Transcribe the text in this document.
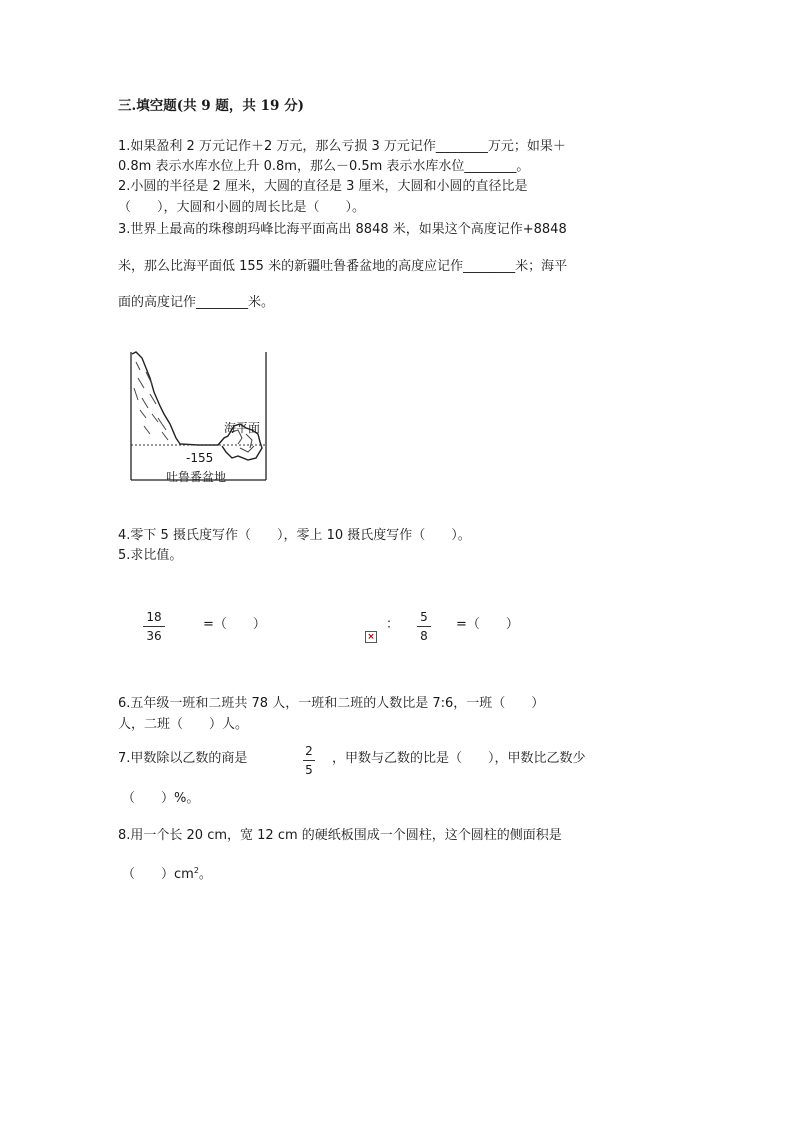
三.填空题(共 9 题，共 19 分)
1.如果盈利 2 万元记作＋2 万元，那么亏损 3 万元记作________万元；如果＋
0.8m 表示水库水位上升 0.8m，那么－0.5m 表示水库水位________。
2.小圆的半径是 2 厘米，大圆的直径是 3 厘米，大圆和小圆的直径比是
（　　），大圆和小圆的周长比是（　　）。
3.世界上最高的珠穆朗玛峰比海平面高出 8848 米，如果这个高度记作+8848
米，那么比海平面低 155 米的新疆吐鲁番盆地的高度应记作________米；海平
面的高度记作________米。
海平面
-155
吐鲁番盆地
4.零下 5 摄氏度写作（　　），零上 10 摄氏度写作（　　）。
5.求比值。
18
36
=（　　）
×
： 5
8
=（　　）
6.五年级一班和二班共 78 人，一班和二班的人数比是 7:6，一班（　　）
人，二班（　　）人。
7.甲数除以乙数的商是	2
5
，甲数与乙数的比是（　　），甲数比乙数少
（　　）%。
8.用一个长 20 cm，宽 12 cm 的硬纸板围成一个圆柱，这个圆柱的侧面积是
（　　）$cm^2$。
